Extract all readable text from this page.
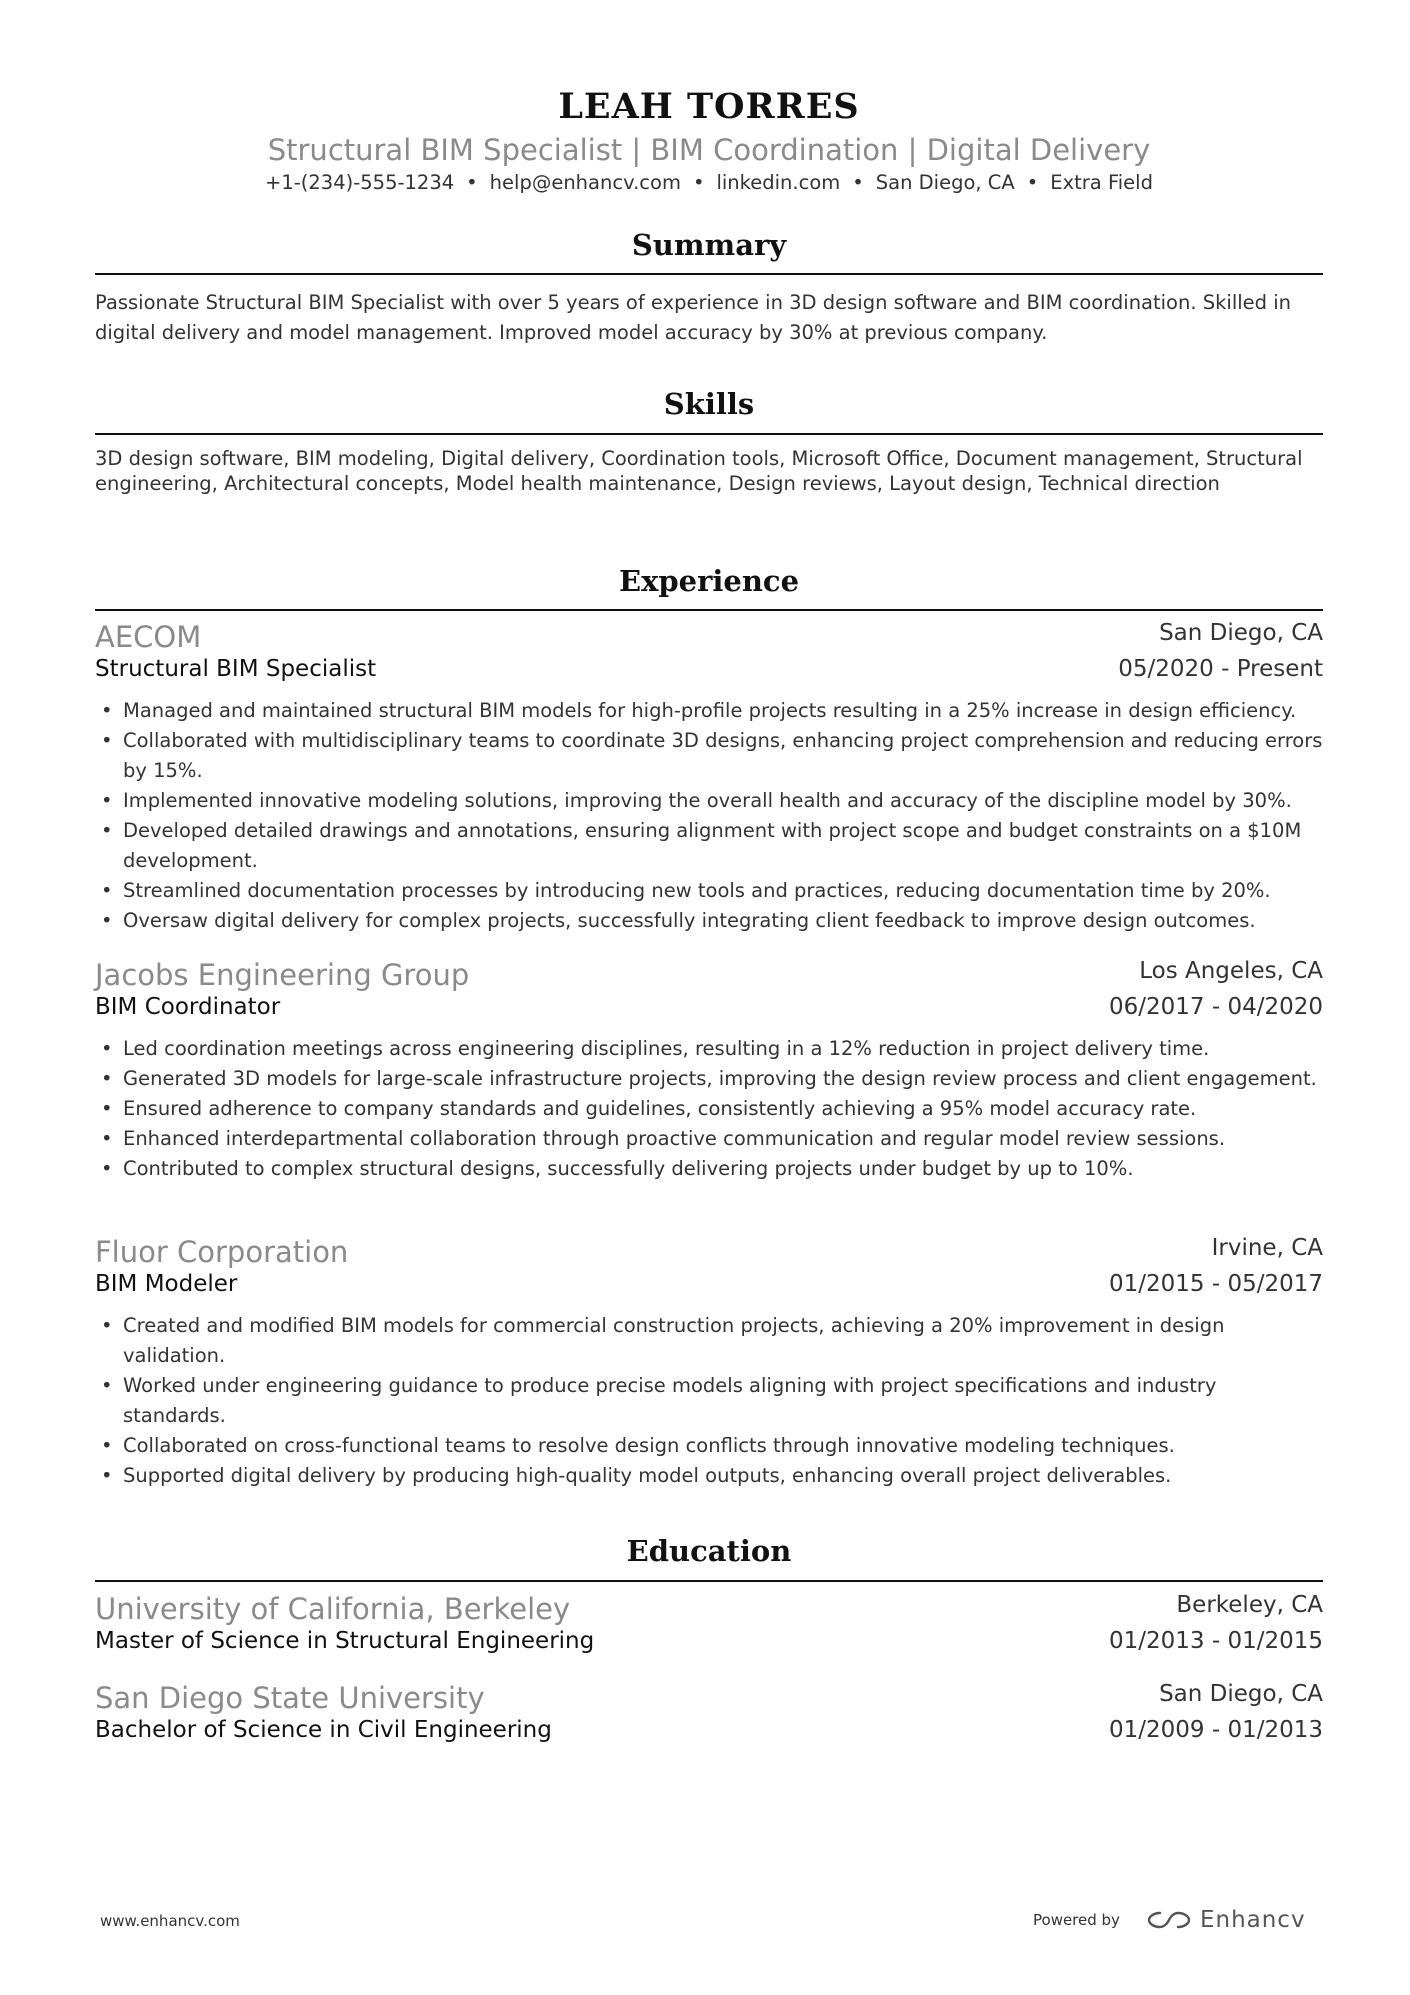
LEAH TORRES
Structural BIM Specialist | BIM Coordination | Digital Delivery
+1-(234)-555-1234 • help@enhancv.com • linkedin.com • San Diego, CA • Extra Field
Summary
Passionate Structural BIM Specialist with over 5 years of experience in 3D design software and BIM coordination. Skilled in digital delivery and model management. Improved model accuracy by 30% at previous company.
Skills
3D design software, BIM modeling, Digital delivery, Coordination tools, Microsoft Office, Document management, Structural engineering, Architectural concepts, Model health maintenance, Design reviews, Layout design, Technical direction
Experience
AECOM	San Diego, CA
Structural BIM Specialist	05/2020 - Present
• Managed and maintained structural BIM models for high-profile projects resulting in a 25% increase in design efficiency.
• Collaborated with multidisciplinary teams to coordinate 3D designs, enhancing project comprehension and reducing errors by 15%.
• Implemented innovative modeling solutions, improving the overall health and accuracy of the discipline model by 30%.
• Developed detailed drawings and annotations, ensuring alignment with project scope and budget constraints on a $10M development.
• Streamlined documentation processes by introducing new tools and practices, reducing documentation time by 20%.
• Oversaw digital delivery for complex projects, successfully integrating client feedback to improve design outcomes.
Jacobs Engineering Group	Los Angeles, CA
BIM Coordinator	06/2017 - 04/2020
• Led coordination meetings across engineering disciplines, resulting in a 12% reduction in project delivery time.
• Generated 3D models for large-scale infrastructure projects, improving the design review process and client engagement.
• Ensured adherence to company standards and guidelines, consistently achieving a 95% model accuracy rate.
• Enhanced interdepartmental collaboration through proactive communication and regular model review sessions.
• Contributed to complex structural designs, successfully delivering projects under budget by up to 10%.
Fluor Corporation	Irvine, CA
BIM Modeler	01/2015 - 05/2017
• Created and modified BIM models for commercial construction projects, achieving a 20% improvement in design validation.
• Worked under engineering guidance to produce precise models aligning with project specifications and industry standards.
• Collaborated on cross-functional teams to resolve design conflicts through innovative modeling techniques.
• Supported digital delivery by producing high-quality model outputs, enhancing overall project deliverables.
Education
University of California, Berkeley	Berkeley, CA
Master of Science in Structural Engineering	01/2013 - 01/2015
San Diego State University	San Diego, CA
Bachelor of Science in Civil Engineering	01/2009 - 01/2013
www.enhancv.com	Powered by	Enhancv
